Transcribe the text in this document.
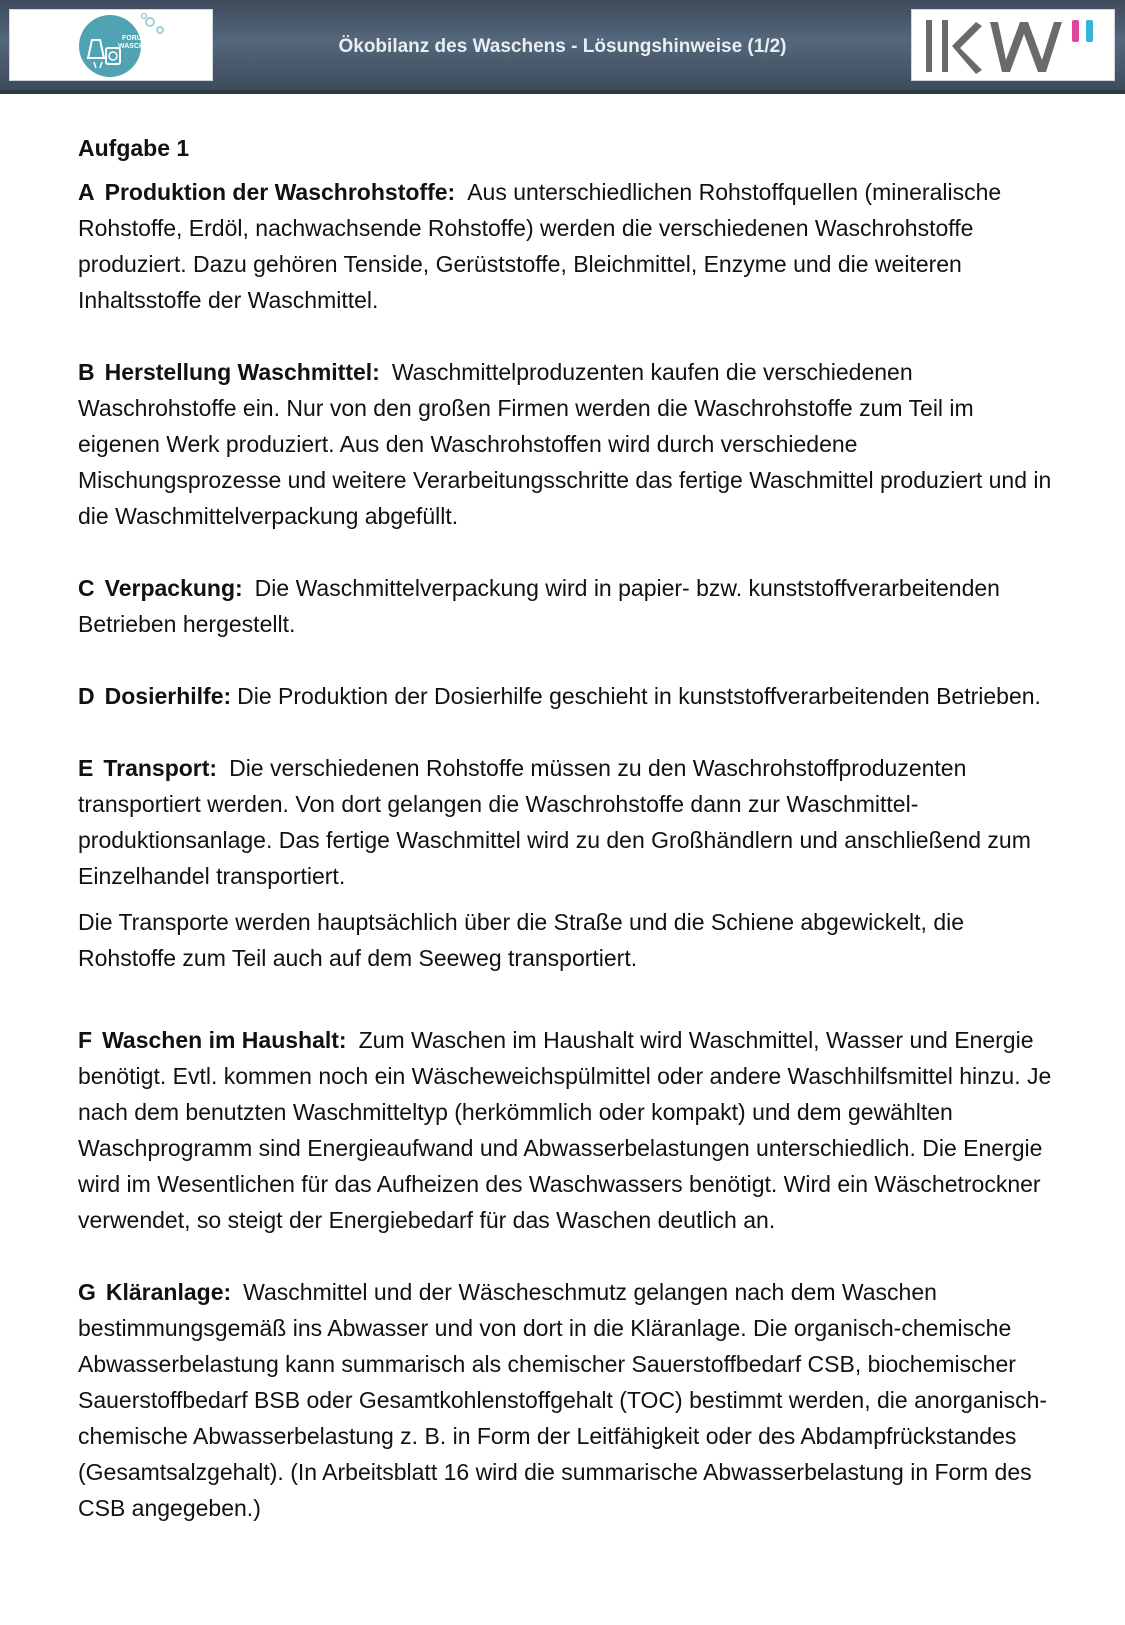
FORUM
WASCHEN	Ökobilanz des Waschens - Lösungshinweise (1/2)
IKW
Aufgabe 1

A Produktion der Waschrohstoffe: Aus unterschiedlichen Rohstoffquellen (mineralische Rohstoffe, Erdöl, nachwachsende Rohstoffe) werden die verschiedenen Waschrohstoffe produziert. Dazu gehören Tenside, Gerüststoffe, Bleichmittel, Enzyme und die weiteren Inhaltsstoffe der Waschmittel.

B Herstellung Waschmittel: Waschmittelproduzenten kaufen die verschiedenen Waschrohstoffe ein. Nur von den großen Firmen werden die Waschrohstoffe zum Teil im eigenen Werk produziert. Aus den Waschrohstoffen wird durch verschiedene Mischungsprozesse und weitere Verarbeitungsschritte das fertige Waschmittel produziert und in die Waschmittelverpackung abgefüllt.

C Verpackung: Die Waschmittelverpackung wird in papier- bzw. kunststoffverarbeitenden Betrieben hergestellt.

D Dosierhilfe: Die Produktion der Dosierhilfe geschieht in kunststoffverarbeitenden Betrieben.

E Transport: Die verschiedenen Rohstoffe müssen zu den Waschrohstoffproduzenten transportiert werden. Von dort gelangen die Waschrohstoffe dann zur Waschmittel-produktionsanlage. Das fertige Waschmittel wird zu den Großhändlern und anschließend zum Einzelhandel transportiert.

Die Transporte werden hauptsächlich über die Straße und die Schiene abgewickelt, die Rohstoffe zum Teil auch auf dem Seeweg transportiert.

F Waschen im Haushalt: Zum Waschen im Haushalt wird Waschmittel, Wasser und Energie benötigt. Evtl. kommen noch ein Wäscheweichspülmittel oder andere Waschhilfsmittel hinzu. Je nach dem benutzten Waschmitteltyp (herkömmlich oder kompakt) und dem gewählten Waschprogramm sind Energieaufwand und Abwasserbelastungen unterschiedlich. Die Energie wird im Wesentlichen für das Aufheizen des Waschwassers benötigt. Wird ein Wäschetrockner verwendet, so steigt der Energiebedarf für das Waschen deutlich an.

G Kläranlage: Waschmittel und der Wäscheschmutz gelangen nach dem Waschen bestimmungsgemäß ins Abwasser und von dort in die Kläranlage. Die organisch-chemische Abwasserbelastung kann summarisch als chemischer Sauerstoffbedarf CSB, biochemischer Sauerstoffbedarf BSB oder Gesamtkohlenstoffgehalt (TOC) bestimmt werden, die anorganisch-chemische Abwasserbelastung z. B. in Form der Leitfähigkeit oder des Abdampfrückstandes (Gesamtsalzgehalt). (In Arbeitsblatt 16 wird die summarische Abwasserbelastung in Form des CSB angegeben.)
